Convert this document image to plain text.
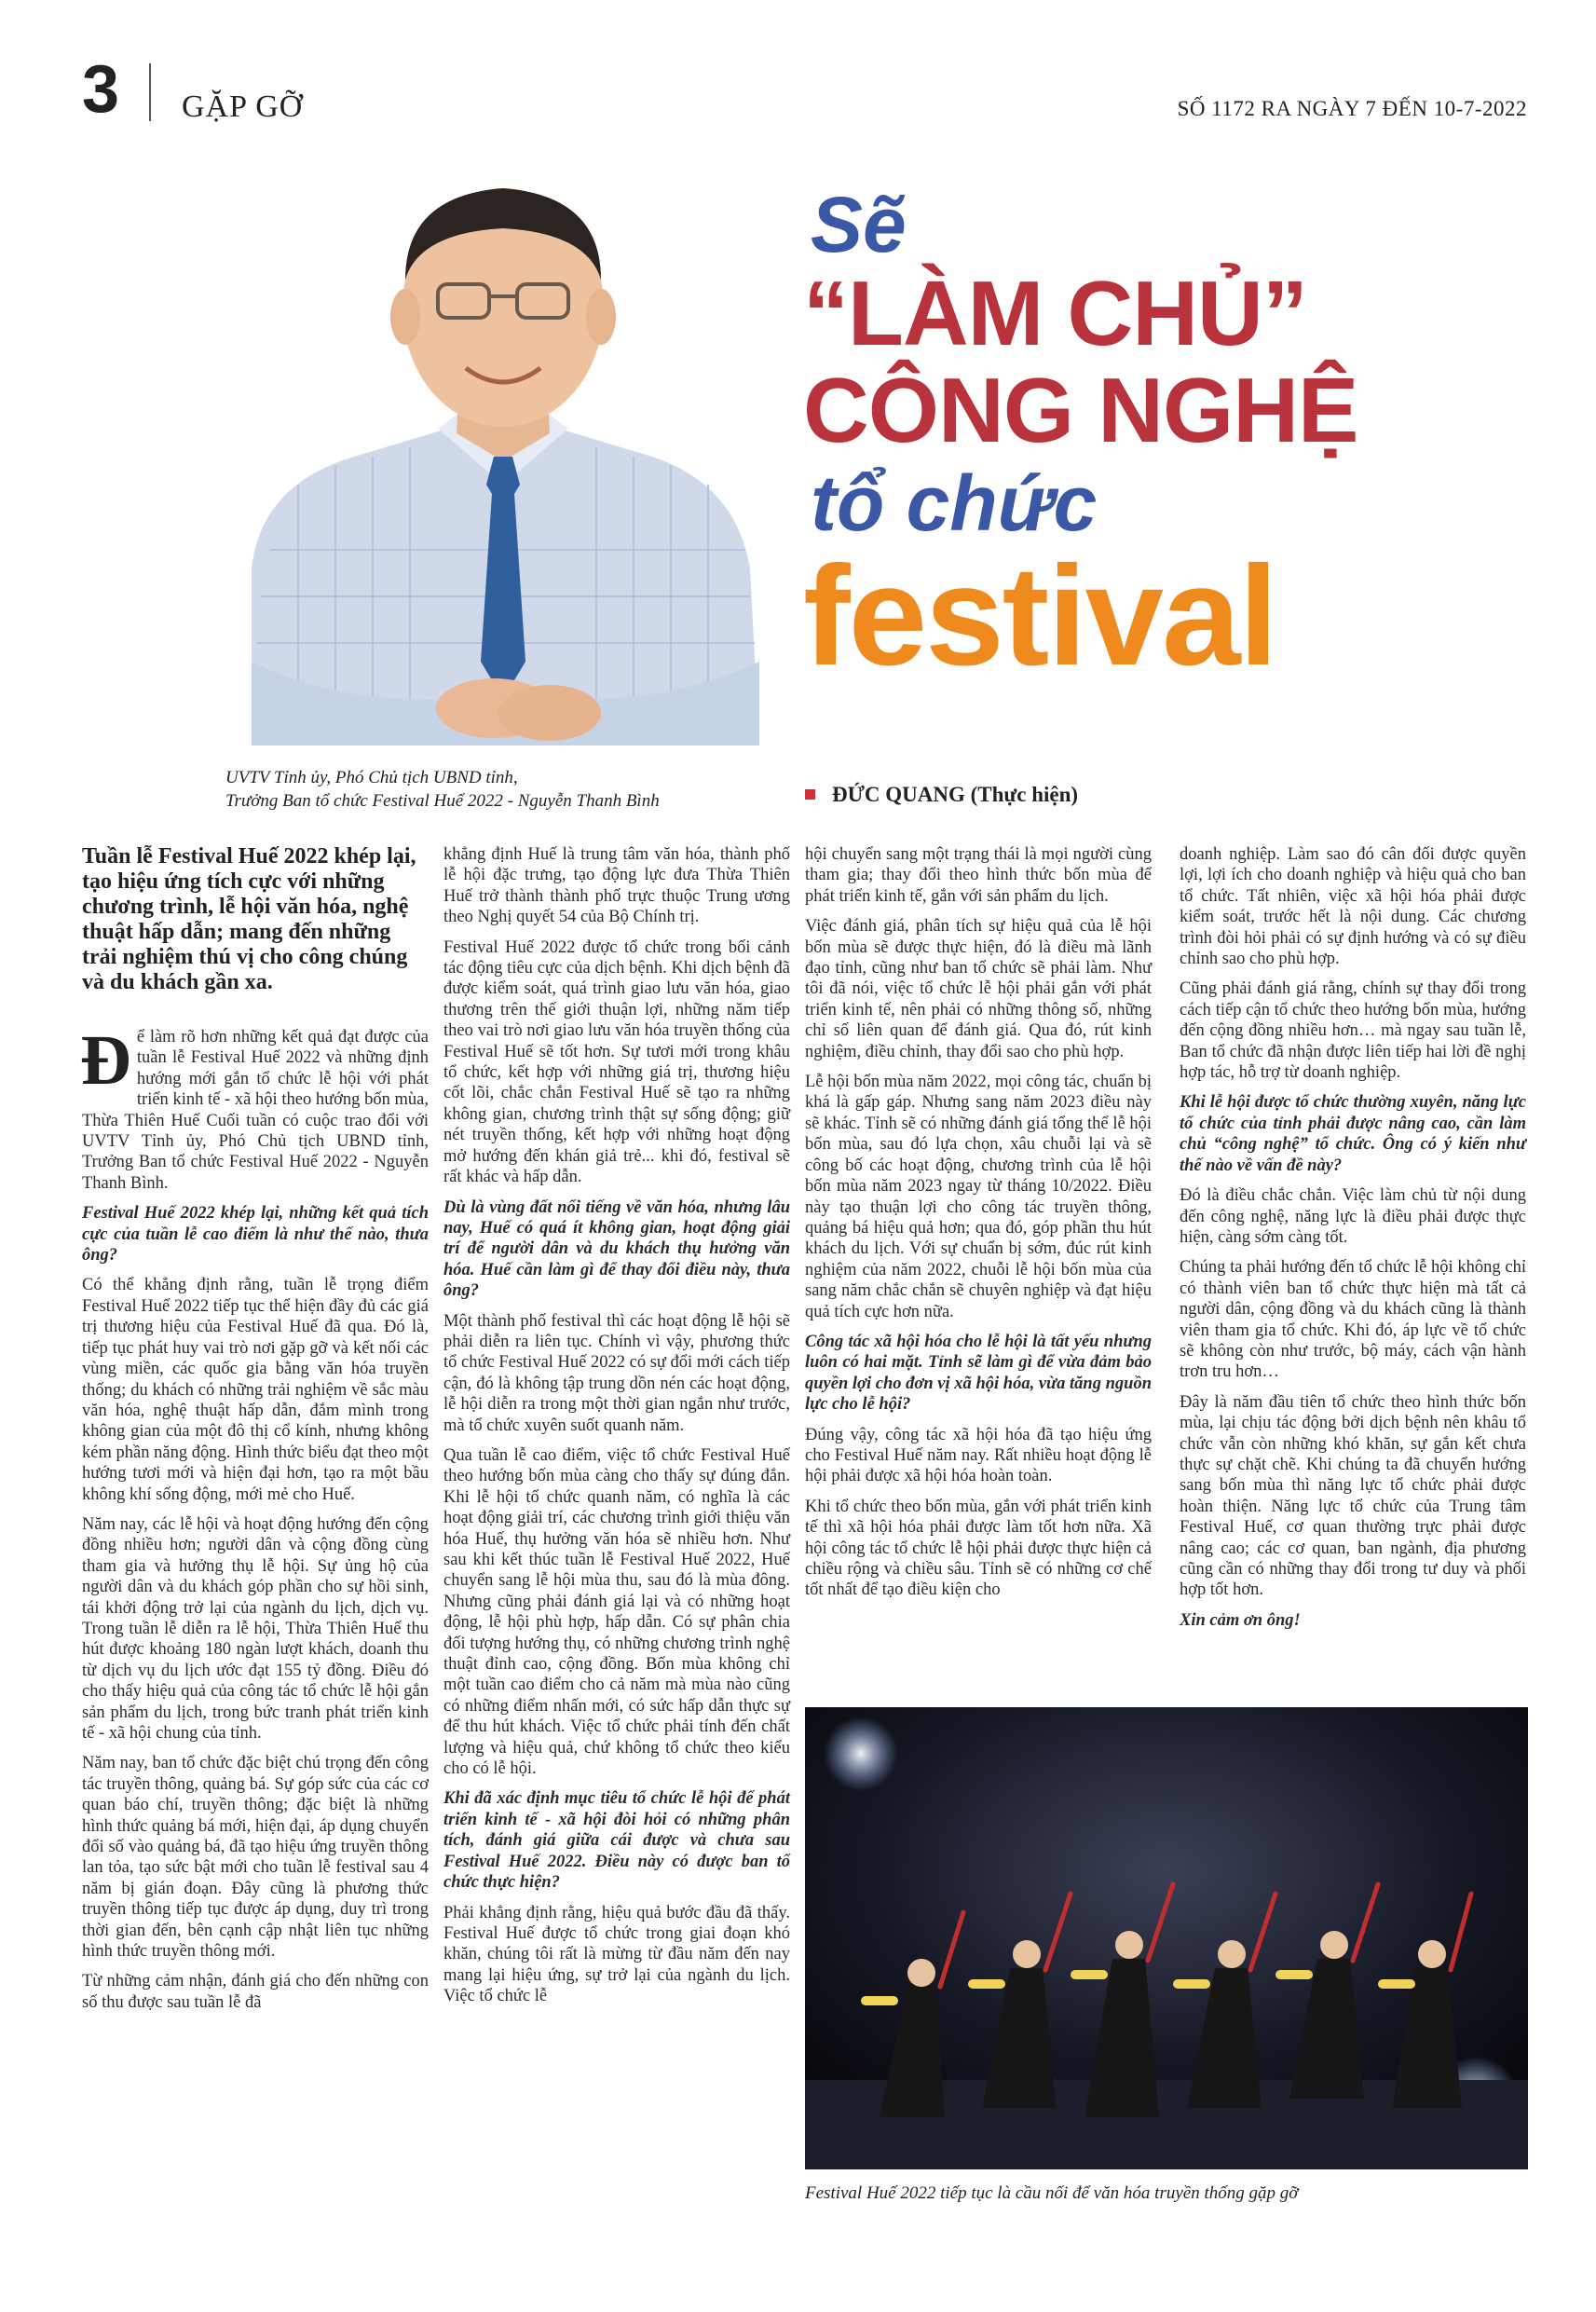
3 GẶP GỠ	SỐ 1172 RA NGÀY 7 ĐẾN 10-7-2022
UVTV Tỉnh ủy, Phó Chủ tịch UBND tỉnh,
Trưởng Ban tổ chức Festival Huế 2022 - Nguyễn Thanh Bình
Sẽ
“LÀM CHỦ”
CÔNG NGHỆ
tổ chức
festival
ĐỨC QUANG (Thực hiện)

Tuần lễ Festival Huế 2022 khép lại, tạo hiệu ứng tích cực với những chương trình, lễ hội văn hóa, nghệ thuật hấp dẫn; mang đến những trải nghiệm thú vị cho công chúng và du khách gần xa.

Để làm rõ hơn những kết quả đạt được của tuần lễ Festival Huế 2022 và những định hướng mới gắn tổ chức lễ hội với phát triển kinh tế - xã hội theo hướng bốn mùa, Thừa Thiên Huế Cuối tuần có cuộc trao đổi với UVTV Tỉnh ủy, Phó Chủ tịch UBND tỉnh, Trưởng Ban tổ chức Festival Huế 2022 - Nguyễn Thanh Bình.

Festival Huế 2022 khép lại, những kết quả tích cực của tuần lễ cao điểm là như thế nào, thưa ông?

Có thể khẳng định rằng, tuần lễ trọng điểm Festival Huế 2022 tiếp tục thể hiện đầy đủ các giá trị thương hiệu của Festival Huế đã qua. Đó là, tiếp tục phát huy vai trò nơi gặp gỡ và kết nối các vùng miền, các quốc gia bằng văn hóa truyền thống; du khách có những trải nghiệm về sắc màu văn hóa, nghệ thuật hấp dẫn, đắm mình trong không gian của một đô thị cổ kính, nhưng không kém phần năng động. Hình thức biểu đạt theo một hướng tươi mới và hiện đại hơn, tạo ra một bầu không khí sống động, mới mẻ cho Huế.

Năm nay, các lễ hội và hoạt động hướng đến cộng đồng nhiều hơn; người dân và cộng đồng cùng tham gia và hưởng thụ lễ hội. Sự ủng hộ của người dân và du khách góp phần cho sự hồi sinh, tái khởi động trở lại của ngành du lịch, dịch vụ. Trong tuần lễ diễn ra lễ hội, Thừa Thiên Huế thu hút được khoảng 180 ngàn lượt khách, doanh thu từ dịch vụ du lịch ước đạt 155 tỷ đồng. Điều đó cho thấy hiệu quả của công tác tổ chức lễ hội gắn sản phẩm du lịch, trong bức tranh phát triển kinh tế - xã hội chung của tỉnh.

Năm nay, ban tổ chức đặc biệt chú trọng đến công tác truyền thông, quảng bá. Sự góp sức của các cơ quan báo chí, truyền thông; đặc biệt là những hình thức quảng bá mới, hiện đại, áp dụng chuyển đổi số vào quảng bá, đã tạo hiệu ứng truyền thông lan tỏa, tạo sức bật mới cho tuần lễ festival sau 4 năm bị gián đoạn. Đây cũng là phương thức truyền thông tiếp tục được áp dụng, duy trì trong thời gian đến, bên cạnh cập nhật liên tục những hình thức truyền thông mới.

Từ những cảm nhận, đánh giá cho đến những con số thu được sau tuần lễ đã

khẳng định Huế là trung tâm văn hóa, thành phố lễ hội đặc trưng, tạo động lực đưa Thừa Thiên Huế trở thành thành phố trực thuộc Trung ương theo Nghị quyết 54 của Bộ Chính trị.

Festival Huế 2022 được tổ chức trong bối cảnh tác động tiêu cực của dịch bệnh. Khi dịch bệnh đã được kiểm soát, quá trình giao lưu văn hóa, giao thương trên thế giới thuận lợi, những năm tiếp theo vai trò nơi giao lưu văn hóa truyền thống của Festival Huế sẽ tốt hơn. Sự tươi mới trong khâu tổ chức, kết hợp với những giá trị, thương hiệu cốt lõi, chắc chắn Festival Huế sẽ tạo ra những không gian, chương trình thật sự sống động; giữ nét truyền thống, kết hợp với những hoạt động mở hướng đến khán giả trẻ... khi đó, festival sẽ rất khác và hấp dẫn.

Dù là vùng đất nổi tiếng về văn hóa, nhưng lâu nay, Huế có quá ít không gian, hoạt động giải trí để người dân và du khách thụ hưởng văn hóa. Huế cần làm gì để thay đổi điều này, thưa ông?

Một thành phố festival thì các hoạt động lễ hội sẽ phải diễn ra liên tục. Chính vì vậy, phương thức tổ chức Festival Huế 2022 có sự đổi mới cách tiếp cận, đó là không tập trung dồn nén các hoạt động, lễ hội diễn ra trong một thời gian ngắn như trước, mà tổ chức xuyên suốt quanh năm.

Qua tuần lễ cao điểm, việc tổ chức Festival Huế theo hướng bốn mùa càng cho thấy sự đúng đắn. Khi lễ hội tổ chức quanh năm, có nghĩa là các hoạt động giải trí, các chương trình giới thiệu văn hóa Huế, thụ hưởng văn hóa sẽ nhiều hơn. Như sau khi kết thúc tuần lễ Festival Huế 2022, Huế chuyển sang lễ hội mùa thu, sau đó là mùa đông. Nhưng cũng phải đánh giá lại và có những hoạt động, lễ hội phù hợp, hấp dẫn. Có sự phân chia đối tượng hướng thụ, có những chương trình nghệ thuật đỉnh cao, cộng đồng. Bốn mùa không chỉ một tuần cao điểm cho cả năm mà mùa nào cũng có những điểm nhấn mới, có sức hấp dẫn thực sự để thu hút khách. Việc tổ chức phải tính đến chất lượng và hiệu quả, chứ không tổ chức theo kiểu cho có lễ hội.

Khi đã xác định mục tiêu tổ chức lễ hội để phát triển kinh tế - xã hội đòi hỏi có những phân tích, đánh giá giữa cái được và chưa sau Festival Huế 2022. Điều này có được ban tổ chức thực hiện?

Phải khẳng định rằng, hiệu quả bước đầu đã thấy. Festival Huế được tổ chức trong giai đoạn khó khăn, chúng tôi rất là mừng từ đầu năm đến nay mang lại hiệu ứng, sự trở lại của ngành du lịch. Việc tổ chức lễ

hội chuyển sang một trạng thái là mọi người cùng tham gia; thay đổi theo hình thức bốn mùa để phát triển kinh tế, gắn với sản phẩm du lịch.

Việc đánh giá, phân tích sự hiệu quả của lễ hội bốn mùa sẽ được thực hiện, đó là điều mà lãnh đạo tỉnh, cũng như ban tổ chức sẽ phải làm. Như tôi đã nói, việc tổ chức lễ hội phải gắn với phát triển kinh tế, nên phải có những thông số, những chỉ số liên quan để đánh giá. Qua đó, rút kinh nghiệm, điều chỉnh, thay đổi sao cho phù hợp.

Lễ hội bốn mùa năm 2022, mọi công tác, chuẩn bị khá là gấp gáp. Nhưng sang năm 2023 điều này sẽ khác. Tỉnh sẽ có những đánh giá tổng thể lễ hội bốn mùa, sau đó lựa chọn, xâu chuỗi lại và sẽ công bố các hoạt động, chương trình của lễ hội bốn mùa năm 2023 ngay từ tháng 10/2022. Điều này tạo thuận lợi cho công tác truyền thông, quảng bá hiệu quả hơn; qua đó, góp phần thu hút khách du lịch. Với sự chuẩn bị sớm, đúc rút kinh nghiệm của năm 2022, chuỗi lễ hội bốn mùa của sang năm chắc chắn sẽ chuyên nghiệp và đạt hiệu quả tích cực hơn nữa.

Công tác xã hội hóa cho lễ hội là tất yếu nhưng luôn có hai mặt. Tỉnh sẽ làm gì để vừa đảm bảo quyền lợi cho đơn vị xã hội hóa, vừa tăng nguồn lực cho lễ hội?

Đúng vậy, công tác xã hội hóa đã tạo hiệu ứng cho Festival Huế năm nay. Rất nhiều hoạt động lễ hội phải được xã hội hóa hoàn toàn.

Khi tổ chức theo bốn mùa, gắn với phát triển kinh tế thì xã hội hóa phải được làm tốt hơn nữa. Xã hội công tác tổ chức lễ hội phải được thực hiện cả chiều rộng và chiều sâu. Tỉnh sẽ có những cơ chế tốt nhất để tạo điều kiện cho

doanh nghiệp. Làm sao đó cân đối được quyền lợi, lợi ích cho doanh nghiệp và hiệu quả cho ban tổ chức. Tất nhiên, việc xã hội hóa phải được kiểm soát, trước hết là nội dung. Các chương trình đòi hỏi phải có sự định hướng và có sự điều chỉnh sao cho phù hợp.

Cũng phải đánh giá rằng, chính sự thay đổi trong cách tiếp cận tổ chức theo hướng bốn mùa, hướng đến cộng đồng nhiều hơn… mà ngay sau tuần lễ, Ban tổ chức đã nhận được liên tiếp hai lời đề nghị hợp tác, hỗ trợ từ doanh nghiệp.

Khi lễ hội được tổ chức thường xuyên, năng lực tổ chức của tỉnh phải được nâng cao, cần làm chủ “công nghệ” tổ chức. Ông có ý kiến như thế nào về vấn đề này?

Đó là điều chắc chắn. Việc làm chủ từ nội dung đến công nghệ, năng lực là điều phải được thực hiện, càng sớm càng tốt.

Chúng ta phải hướng đến tổ chức lễ hội không chỉ có thành viên ban tổ chức thực hiện mà tất cả người dân, cộng đồng và du khách cũng là thành viên tham gia tổ chức. Khi đó, áp lực về tổ chức sẽ không còn như trước, bộ máy, cách vận hành trơn tru hơn…

Đây là năm đầu tiên tổ chức theo hình thức bốn mùa, lại chịu tác động bởi dịch bệnh nên khâu tổ chức vẫn còn những khó khăn, sự gắn kết chưa thực sự chặt chẽ. Khi chúng ta đã chuyển hướng sang bốn mùa thì năng lực tổ chức phải được hoàn thiện. Năng lực tổ chức của Trung tâm Festival Huế, cơ quan thường trực phải được nâng cao; các cơ quan, ban ngành, địa phương cũng cần có những thay đổi trong tư duy và phối hợp tốt hơn.

Xin cảm ơn ông!

Festival Huế 2022 tiếp tục là cầu nối để văn hóa truyền thống gặp gỡ
